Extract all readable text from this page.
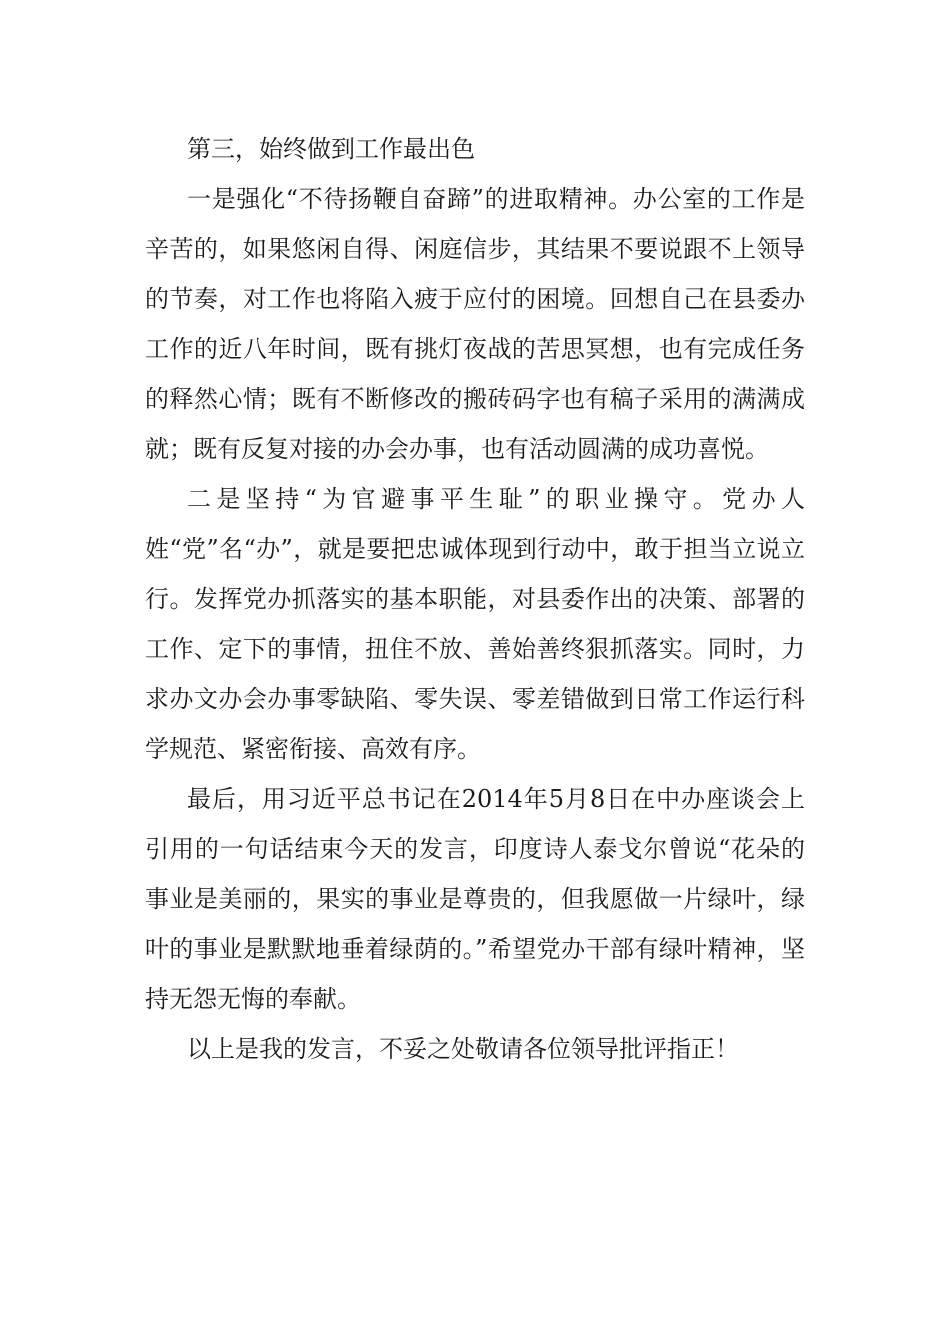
第三，始终做到工作最出色

一是强化“不待扬鞭自奋蹄”的进取精神。办公室的工作是辛苦的，如果悠闲自得、闲庭信步，其结果不要说跟不上领导的节奏，对工作也将陷入疲于应付的困境。回想自己在县委办工作的近八年时间，既有挑灯夜战的苦思冥想，也有完成任务的释然心情；既有不断修改的搬砖码字也有稿子采用的满满成就；既有反复对接的办会办事，也有活动圆满的成功喜悦。

二是坚持“为官避事平生耻”的职业操守。党办人姓“党”名“办”，就是要把忠诚体现到行动中，敢于担当立说立行。发挥党办抓落实的基本职能，对县委作出的决策、部署的工作、定下的事情，扭住不放、善始善终狠抓落实。同时，力求办文办会办事零缺陷、零失误、零差错做到日常工作运行科学规范、紧密衔接、高效有序。

最后，用习近平总书记在2014年5月8日在中办座谈会上引用的一句话结束今天的发言，印度诗人泰戈尔曾说“花朵的事业是美丽的，果实的事业是尊贵的，但我愿做一片绿叶，绿叶的事业是默默地垂着绿荫的。”希望党办干部有绿叶精神，坚持无怨无悔的奉献。

以上是我的发言，不妥之处敬请各位领导批评指正！
